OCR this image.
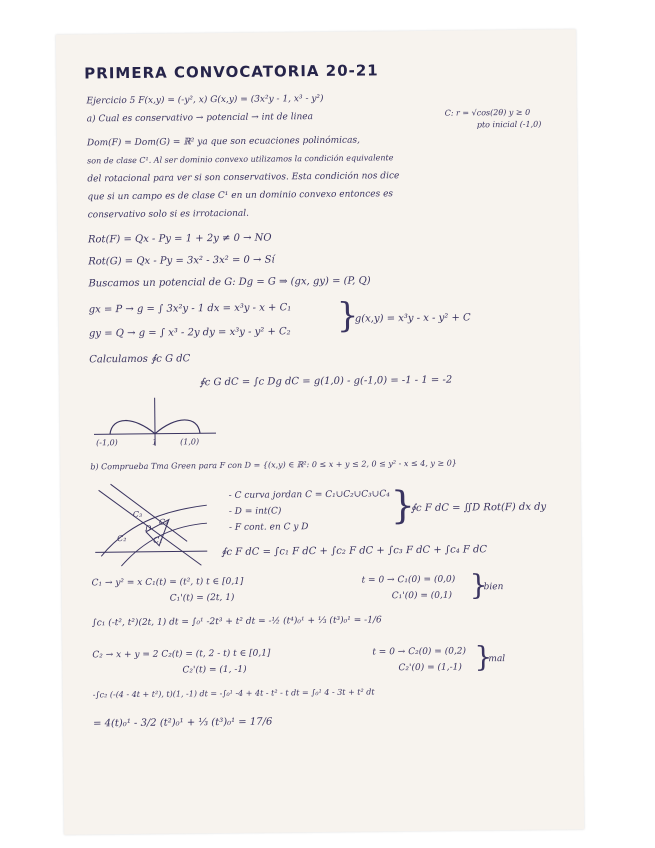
PRIMERA CONVOCATORIA 20-21
Ejercicio 5 F(x,y) = (-y², x) G(x,y) = (3x²y - 1, x³ - y²)
C: r = √cos(2θ) y ≥ 0
pto inicial (-1,0)
a) Cual es conservativo → potencial → int de linea
Dom(F) = Dom(G) = ℝ² ya que son ecuaciones polinómicas,
son de clase C¹. Al ser dominio convexo utilizamos la condición equivalente
del rotacional para ver si son conservativos. Esta condición nos dice
que si un campo es de clase C¹ en un dominio convexo entonces es
conservativo solo si es irrotacional.
Rot(F) = Qx - Py = 1 + 2y ≠ 0 → NO
Rot(G) = Qx - Py = 3x² - 3x² = 0 → Sí
Buscamos un potencial de G: Dg = G ⇒ (gx, gy) = (P, Q)
gx = P → g = ∫ 3x²y - 1 dx = x³y - x + C₁
gy = Q → g = ∫ x³ - 2y dy = x³y - y² + C₂ }
g(x,y) = x³y - x - y² + C
Calculamos ∮c G dC
∮c G dC = ∫c Dg dC = g(1,0) - g(-1,0) = -1 - 1 = -2
(-1,0)	1	(1,0)
b) Comprueba Tma Green para F con D = {(x,y) ∈ ℝ²: 0 ≤ x + y ≤ 2, 0 ≤ y² - x ≤ 4, y ≥ 0}
C₃
C₄
C₂	C₁
D
- C curva jordan C = C₁∪C₂∪C₃∪C₄
- D = int(C)
- F cont. en C y D
}
∮c F dC = ∬D Rot(F) dx dy
∮c F dC = ∫c₁ F dC + ∫c₂ F dC + ∫c₃ F dC + ∫c₄ F dC
C₁ → y² = x C₁(t) = (t², t) t ∈ [0,1]
C₁'(t) = (2t, 1)
t = 0 → C₁(0) = (0,0)
C₁'(0) = (0,1) }
bien
∫c₁ (-t², t²)(2t, 1) dt = ∫₀¹ -2t³ + t² dt = -½ (t⁴)₀¹ + ⅓ (t³)₀¹ = -1/6
C₂ → x + y = 2 C₂(t) = (t, 2 - t) t ∈ [0,1]
C₂'(t) = (1, -1)
t = 0 → C₂(0) = (0,2)
C₂'(0) = (1,-1) }
mal
-∫c₂ (-(4 - 4t + t²), t)(1, -1) dt = -∫₀¹ -4 + 4t - t² - t dt = ∫₀¹ 4 - 3t + t² dt
= 4(t)₀¹ - 3/2 (t²)₀¹ + ⅓ (t³)₀¹ = 17/6
